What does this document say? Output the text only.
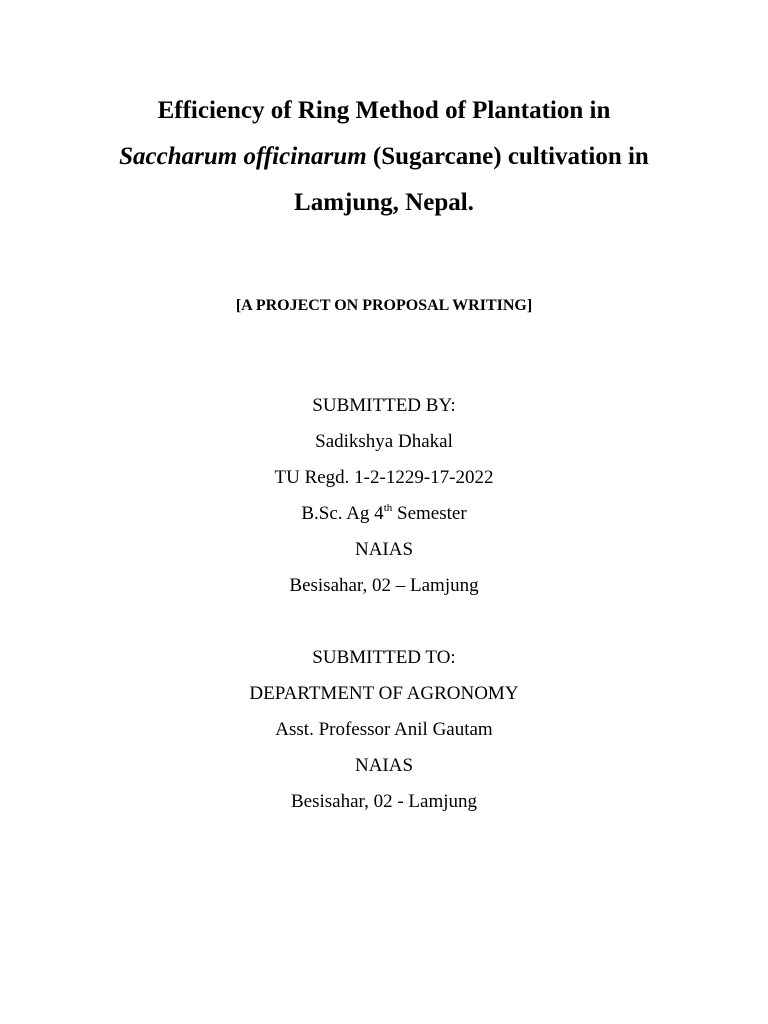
Efficiency of Ring Method of Plantation in
Saccharum officinarum (Sugarcane) cultivation in
Lamjung, Nepal.

[A PROJECT ON PROPOSAL WRITING]

SUBMITTED BY:
Sadikshya Dhakal
TU Regd. 1-2-1229-17-2022
B.Sc. Ag 4th Semester
NAIAS
Besisahar, 02 – Lamjung
SUBMITTED TO:
DEPARTMENT OF AGRONOMY
Asst. Professor Anil Gautam
NAIAS
Besisahar, 02 - Lamjung
